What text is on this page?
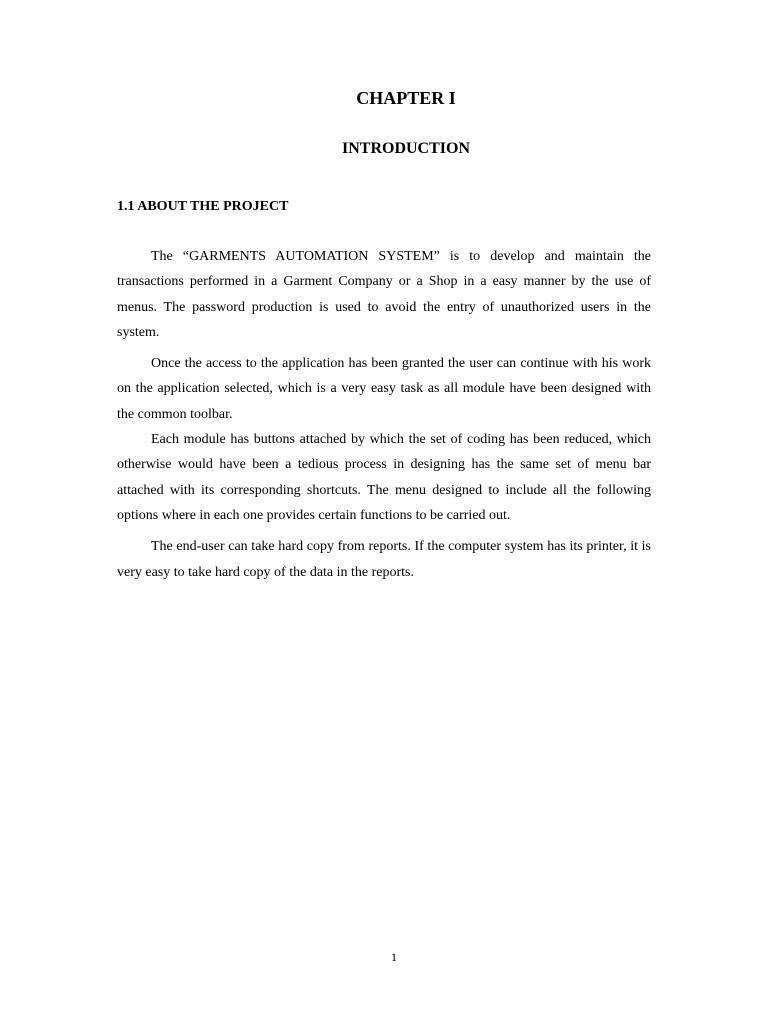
CHAPTER I
INTRODUCTION
1.1 ABOUT THE PROJECT

The “GARMENTS AUTOMATION SYSTEM” is to develop and maintain the transactions performed in a Garment Company or a Shop in a easy manner by the use of menus. The password production is used to avoid the entry of unauthorized users in the system.

Once the access to the application has been granted the user can continue with his work on the application selected, which is a very easy task as all module have been designed with the common toolbar.

Each module has buttons attached by which the set of coding has been reduced, which otherwise would have been a tedious process in designing has the same set of menu bar attached with its corresponding shortcuts. The menu designed to include all the following options where in each one provides certain functions to be carried out.

The end-user can take hard copy from reports. If the computer system has its printer, it is very easy to take hard copy of the data in the reports.

1
